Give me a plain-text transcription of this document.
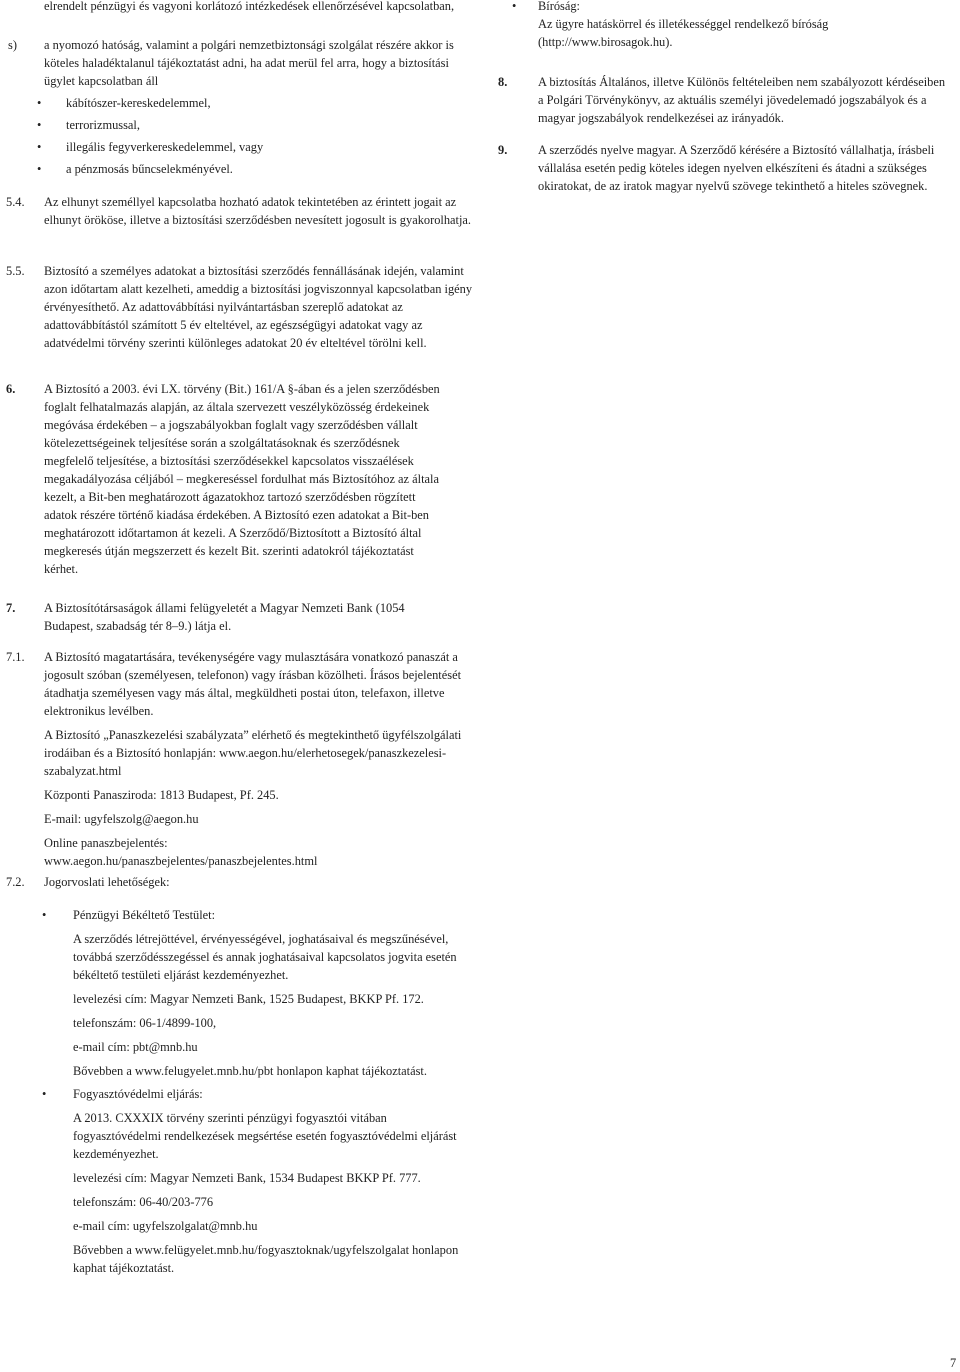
elrendelt pénzügyi és vagyoni korlátozó intézkedések ellenőrzésével kapcsolatban,
s) a nyomozó hatóság, valamint a polgári nemzetbiztonsági szolgálat részére akkor is köteles haladéktalanul tájékoztatást adni, ha adat merül fel arra, hogy a biztosítási ügylet kapcsolatban áll
• kábítószer-kereskedelemmel,
• terrorizmussal,
• illegális fegyverkereskedelemmel, vagy
• a pénzmosás bűncselekményével.
5.4. Az elhunyt személlyel kapcsolatba hozható adatok tekintetében az érintett jogait az elhunyt örököse, illetve a biztosítási szerződésben nevesített jogosult is gyakorolhatja.
5.5. Biztosító a személyes adatokat a biztosítási szerződés fennállásának idején, valamint azon időtartam alatt kezelheti, ameddig a biztosítási jogviszonnyal kapcsolatban igény érvényesíthető. Az adattovábbítási nyilvántartásban szereplő adatokat az adattovábbítástól számított 5 év elteltével, az egészségügyi adatokat vagy az adatvédelmi törvény szerinti különleges adatokat 20 év elteltével törölni kell.
6. A Biztosító a 2003. évi LX. törvény (Bit.) 161/A §-ában és a jelen szerződésben foglalt felhatalmazás alapján, az általa szervezett veszélyközösség érdekeinek megóvása érdekében – a jogszabályokban foglalt vagy szerződésben vállalt kötelezettségeinek teljesítése során a szolgáltatásoknak és szerződésnek megfelelő teljesítése, a biztosítási szerződésekkel kapcsolatos visszaélések megakadályozása céljából – megkereséssel fordulhat más Biztosítóhoz az általa kezelt, a Bit-ben meghatározott ágazatokhoz tartozó szerződésben rögzített adatok részére történő kiadása érdekében. A Biztosító ezen adatokat a Bit-ben meghatározott időtartamon át kezeli. A Szerződő/Biztosított a Biztosító által megkeresés útján megszerzett és kezelt Bit. szerinti adatokról tájékoztatást kérhet.
7. A Biztosítótársaságok állami felügyeletét a Magyar Nemzeti Bank (1054 Budapest, szabadság tér 8–9.) látja el.
7.1. A Biztosító magatartására, tevékenységére vagy mulasztására vonatkozó panaszát a jogosult szóban (személyesen, telefonon) vagy írásban közölheti. Írásos bejelentését átadhatja személyesen vagy más által, megküldheti postai úton, telefaxon, illetve elektronikus levélben.

A Biztosító „Panaszkezelési szabályzata” elérhető és megtekinthető ügyfélszolgálati irodáiban és a Biztosító honlapján: www.aegon.hu/elerhetosegek/panaszkezelesi-szabalyzat.html

Központi Panasziroda: 1813 Budapest, Pf. 245.

E-mail: ugyfelszolg@aegon.hu

Online panaszbejelentés: www.aegon.hu/panaszbejelentes/panaszbejelentes.html

7.2. Jogorvoslati lehetőségek:
• Pénzügyi Békéltető Testület:

A szerződés létrejöttével, érvényességével, joghatásaival és megszűnésével, továbbá szerződésszegéssel és annak joghatásaival kapcsolatos jogvita esetén békéltető testületi eljárást kezdeményezhet.

levelezési cím: Magyar Nemzeti Bank, 1525 Budapest, BKKP Pf. 172.

telefonszám: 06-1/4899-100,

e-mail cím: pbt@mnb.hu

Bővebben a www.felugyelet.mnb.hu/pbt honlapon kaphat tájékoztatást.

• Fogyasztóvédelmi eljárás:

A 2013. CXXXIX törvény szerinti pénzügyi fogyasztói vitában fogyasztóvédelmi rendelkezések megsértése esetén fogyasztóvédelmi eljárást kezdeményezhet.

levelezési cím: Magyar Nemzeti Bank, 1534 Budapest BKKP Pf. 777.

telefonszám: 06-40/203-776

e-mail cím: ugyfelszolgalat@mnb.hu

Bővebben a www.felügyelet.mnb.hu/fogyasztoknak/ugyfelszolgalat honlapon kaphat tájékoztatást.

• Bíróság:

Az ügyre hatáskörrel és illetékességgel rendelkező bíróság (http://www.birosagok.hu).

8. A biztosítás Általános, illetve Különös feltételeiben nem szabályozott kérdéseiben a Polgári Törvénykönyv, az aktuális személyi jövedelemadó jogszabályok és a magyar jogszabályok rendelkezései az irányadók.
9. A szerződés nyelve magyar. A Szerződő kérésére a Biztosító vállalhatja, írásbeli vállalása esetén pedig köteles idegen nyelven elkészíteni és átadni a szükséges okiratokat, de az iratok magyar nyelvű szövege tekinthető a hiteles szövegnek.
7
